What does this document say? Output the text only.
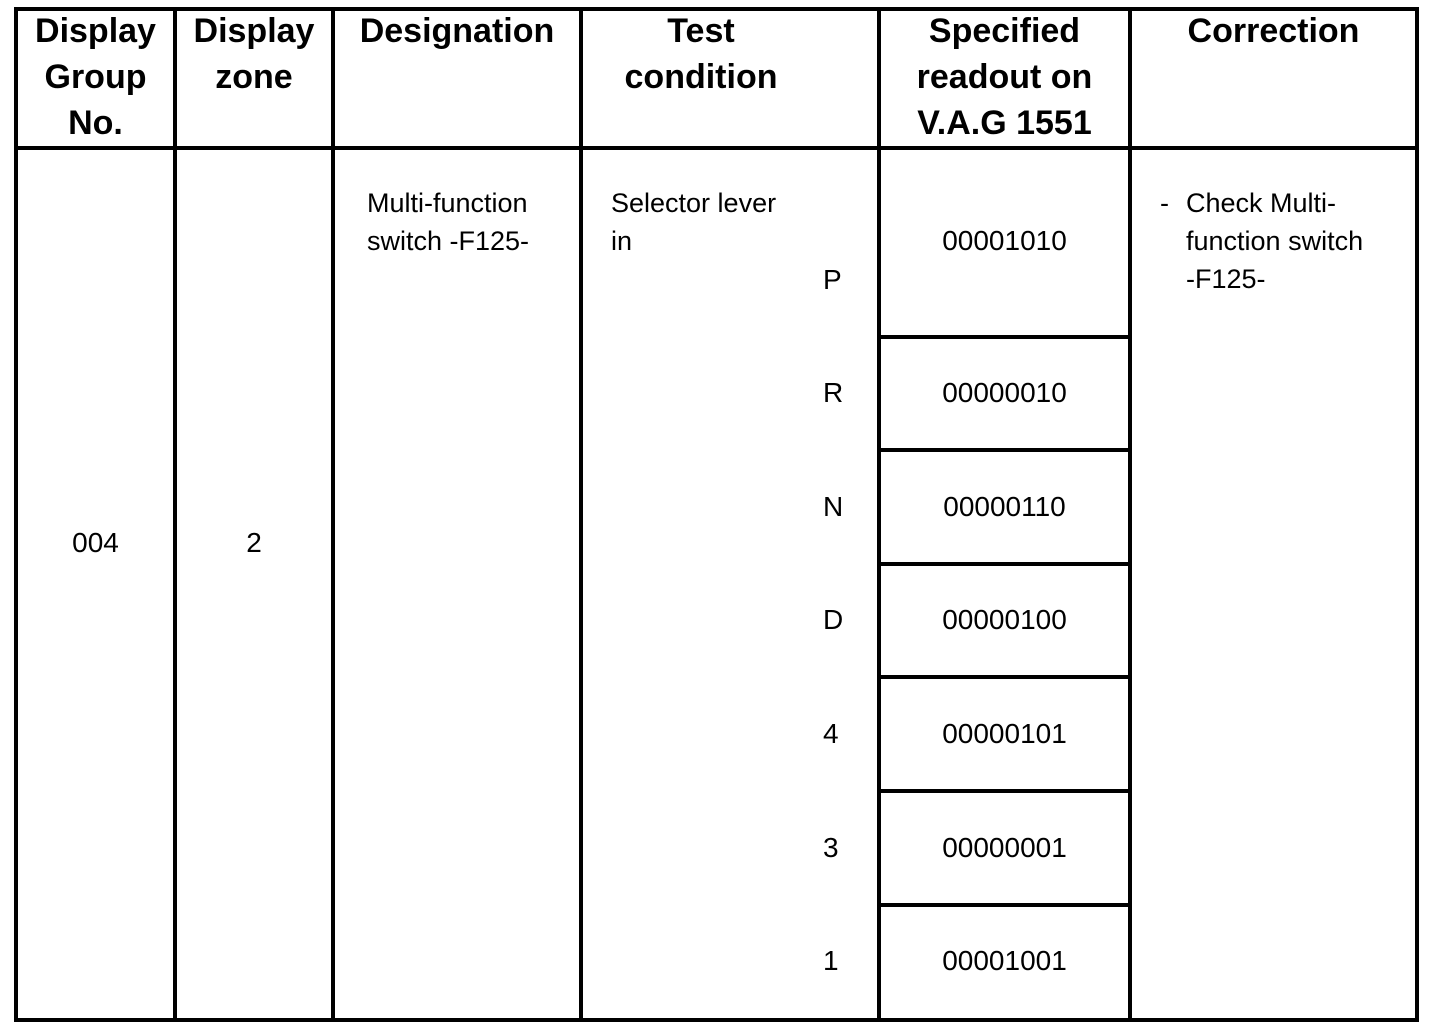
Display
Group
No.
Display
zone
Designation	Test
condition
Specified
readout on
V.A.G 1551
Correction
004	2
Multi-function
switch -F125-
Selector lever
in
P
R
N
D
4
3
1
00001010
00000010
00000110
00000100
00000101
00000001
00001001
- Check Multi-
function switch
-F125-
